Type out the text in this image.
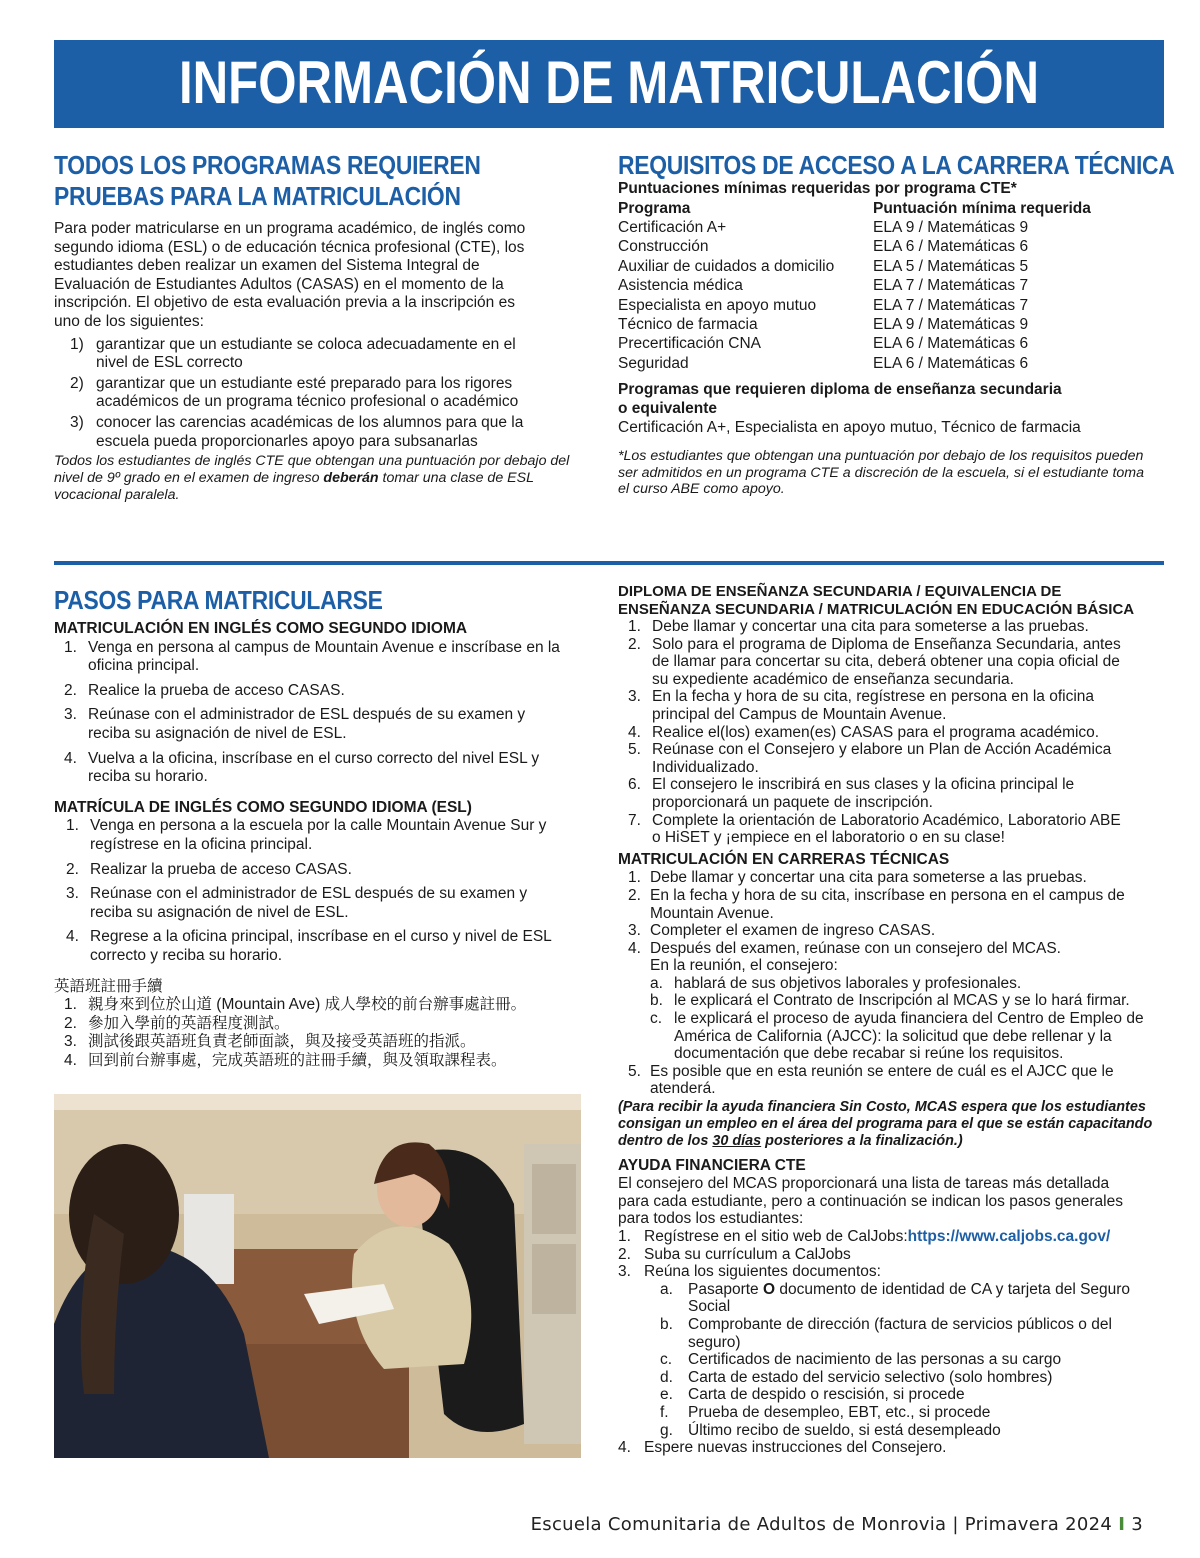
INFORMACIÓN DE MATRICULACIÓN
TODOS LOS PROGRAMAS REQUIEREN
PRUEBAS PARA LA MATRICULACIÓN

Para poder matricularse en un programa académico, de inglés como segundo idioma (ESL) o de educación técnica profesional (CTE), los estudiantes deben realizar un examen del Sistema Integral de Evaluación de Estudiantes Adultos (CASAS) en el momento de la inscripción. El objetivo de esta evaluación previa a la inscripción es uno de los siguientes:

1) garantizar que un estudiante se coloca adecuadamente en el nivel de ESL correcto
2) garantizar que un estudiante esté preparado para los rigores académicos de un programa técnico profesional o académico
3) conocer las carencias académicas de los alumnos para que la escuela pueda proporcionarles apoyo para subsanarlas

Todos los estudiantes de inglés CTE que obtengan una puntuación por debajo del nivel de 9º grado en el examen de ingreso deberán tomar una clase de ESL vocacional paralela.

REQUISITOS DE ACCESO A LA CARRERA TÉCNICA
Puntuaciones mínimas requeridas por programa CTE*
Programa	Puntuación mínima requerida
Certificación A+	ELA 9 / Matemáticas 9
Construcción	ELA 6 / Matemáticas 6
Auxiliar de cuidados a domicilio	ELA 5 / Matemáticas 5
Asistencia médica	ELA 7 / Matemáticas 7
Especialista en apoyo mutuo	ELA 7 / Matemáticas 7
Técnico de farmacia	ELA 9 / Matemáticas 9
Precertificación CNA	ELA 6 / Matemáticas 6
Seguridad	ELA 6 / Matemáticas 6
Programas que requieren diploma de enseñanza secundaria
o equivalente
Certificación A+, Especialista en apoyo mutuo, Técnico de farmacia

*Los estudiantes que obtengan una puntuación por debajo de los requisitos pueden ser admitidos en un programa CTE a discreción de la escuela, si el estudiante toma el curso ABE como apoyo.

PASOS PARA MATRICULARSE
MATRICULACIÓN EN INGLÉS COMO SEGUNDO IDIOMA
1. Venga en persona al campus de Mountain Avenue e inscríbase en la oficina principal.
2. Realice la prueba de acceso CASAS.
3. Reúnase con el administrador de ESL después de su examen y reciba su asignación de nivel de ESL.
4. Vuelva a la oficina, inscríbase en el curso correcto del nivel ESL y reciba su horario.
MATRÍCULA DE INGLÉS COMO SEGUNDO IDIOMA (ESL)
1. Venga en persona a la escuela por la calle Mountain Avenue Sur y regístrese en la oficina principal.
2. Realizar la prueba de acceso CASAS.
3. Reúnase con el administrador de ESL después de su examen y reciba su asignación de nivel de ESL.
4. Regrese a la oficina principal, inscríbase en el curso y nivel de ESL correcto y reciba su horario.
英語班註冊手續
1. 親身來到位於山道 (Mountain Ave) 成人學校的前台辦事處註冊。
2. 參加入學前的英語程度測試。
3. 測試後跟英語班負責老師面談，與及接受英語班的指派。
4. 回到前台辦事處，完成英語班的註冊手續，與及領取課程表。
DIPLOMA DE ENSEÑANZA SECUNDARIA / EQUIVALENCIA DE
ENSEÑANZA SECUNDARIA / MATRICULACIÓN EN EDUCACIÓN BÁSICA
1. Debe llamar y concertar una cita para someterse a las pruebas.
2. Solo para el programa de Diploma de Enseñanza Secundaria, antes de llamar para concertar su cita, deberá obtener una copia oficial de su expediente académico de enseñanza secundaria.
3. En la fecha y hora de su cita, regístrese en persona en la oficina principal del Campus de Mountain Avenue.
4. Realice el(los) examen(es) CASAS para el programa académico.
5. Reúnase con el Consejero y elabore un Plan de Acción Académica Individualizado.
6. El consejero le inscribirá en sus clases y la oficina principal le proporcionará un paquete de inscripción.
7. Complete la orientación de Laboratorio Académico, Laboratorio ABE o HiSET y ¡empiece en el laboratorio o en su clase!
MATRICULACIÓN EN CARRERAS TÉCNICAS
1. Debe llamar y concertar una cita para someterse a las pruebas.
2. En la fecha y hora de su cita, inscríbase en persona en el campus de Mountain Avenue.
3. Completer el examen de ingreso CASAS.
4. Después del examen, reúnase con un consejero del MCAS.
En la reunión, el consejero:
a. hablará de sus objetivos laborales y profesionales.
b. le explicará el Contrato de Inscripción al MCAS y se lo hará firmar.
c. le explicará el proceso de ayuda financiera del Centro de Empleo de América de California (AJCC): la solicitud que debe rellenar y la documentación que debe recabar si reúne los requisitos.
5. Es posible que en esta reunión se entere de cuál es el AJCC que le atenderá.

(Para recibir la ayuda financiera Sin Costo, MCAS espera que los estudiantes consigan un empleo en el área del programa para el que se están capacitando dentro de los 30 días posteriores a la finalización.)

AYUDA FINANCIERA CTE

El consejero del MCAS proporcionará una lista de tareas más detallada para cada estudiante, pero a continuación se indican los pasos generales para todos los estudiantes:

1. Regístrese en el sitio web de CalJobs: https://www.caljobs.ca.gov/
2. Suba su currículum a CalJobs
3. Reúna los siguientes documentos:
a. Pasaporte O documento de identidad de CA y tarjeta del Seguro Social
b. Comprobante de dirección (factura de servicios públicos o del seguro)
c.	Certificados de nacimiento de las personas a su cargo
d. Carta de estado del servicio selectivo (solo hombres)
e. Carta de despido o rescisión, si procede
f.	Prueba de desempleo, EBT, etc., si procede
g. Último recibo de sueldo, si está desempleado
4. Espere nuevas instrucciones del Consejero.
Escuela Comunitaria de Adultos de Monrovia | Primavera 2024 I 3
